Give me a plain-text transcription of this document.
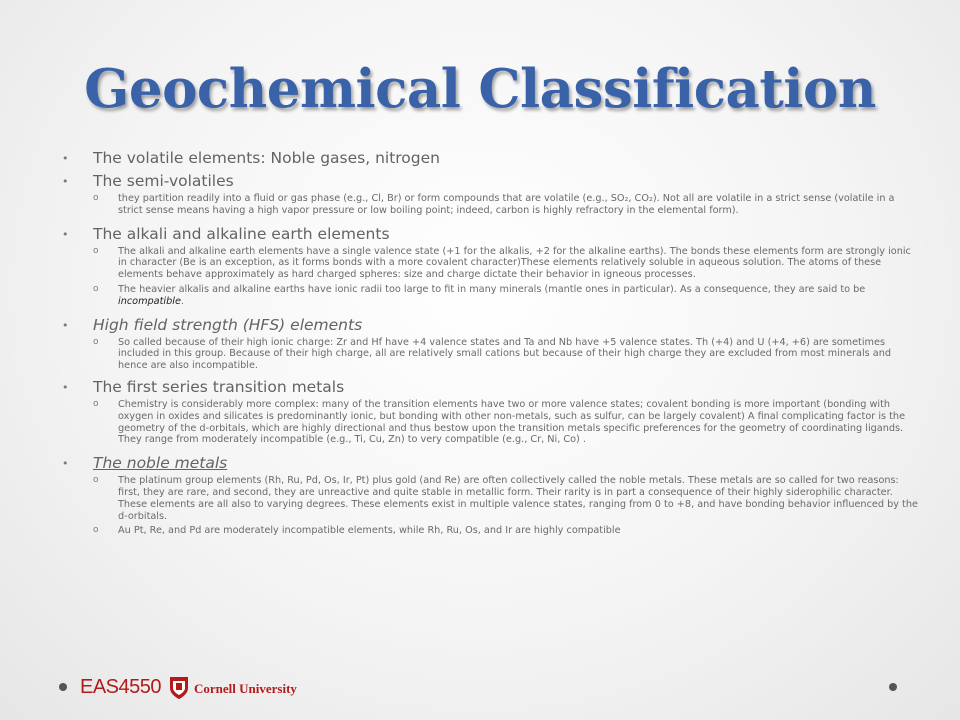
Geochemical Classification
• The volatile elements: Noble gases, nitrogen
• The semi-volatiles
o they partition readily into a fluid or gas phase (e.g., Cl, Br) or form compounds that are volatile (e.g., SO₂, CO₂). Not all are volatile in a strict sense (volatile in a strict sense means having a high vapor pressure or low boiling point; indeed, carbon is highly refractory in the elemental form).
• The alkali and alkaline earth elements
o The alkali and alkaline earth elements have a single valence state (+1 for the alkalis, +2 for the alkaline earths). The bonds these elements form are strongly ionic in character (Be is an exception, as it forms bonds with a more covalent character)These elements relatively soluble in aqueous solution. The atoms of these elements behave approximately as hard charged spheres: size and charge dictate their behavior in igneous processes.
o The heavier alkalis and alkaline earths have ionic radii too large to fit in many minerals (mantle ones in particular). As a consequence, they are said to be incompatible.
• High field strength (HFS) elements
o So called because of their high ionic charge: Zr and Hf have +4 valence states and Ta and Nb have +5 valence states. Th (+4) and U (+4, +6) are sometimes included in this group. Because of their high charge, all are relatively small cations but because of their high charge they are excluded from most minerals and hence are also incompatible.
• The first series transition metals
o Chemistry is considerably more complex: many of the transition elements have two or more valence states; covalent bonding is more important (bonding with oxygen in oxides and silicates is predominantly ionic, but bonding with other non-metals, such as sulfur, can be largely covalent) A final complicating factor is the geometry of the d-orbitals, which are highly directional and thus bestow upon the transition metals specific preferences for the geometry of coordinating ligands. They range from moderately incompatible (e.g., Ti, Cu, Zn) to very compatible (e.g., Cr, Ni, Co) .
• The noble metals
o The platinum group elements (Rh, Ru, Pd, Os, Ir, Pt) plus gold (and Re) are often collectively called the noble metals. These metals are so called for two reasons: first, they are rare, and second, they are unreactive and quite stable in metallic form. Their rarity is in part a consequence of their highly siderophilic character. These elements are all also to varying degrees. These elements exist in multiple valence states, ranging from 0 to +8, and have bonding behavior influenced by the d-orbitals.
o Au Pt, Re, and Pd are moderately incompatible elements, while Rh, Ru, Os, and Ir are highly compatible
EAS4550	Cornell University
